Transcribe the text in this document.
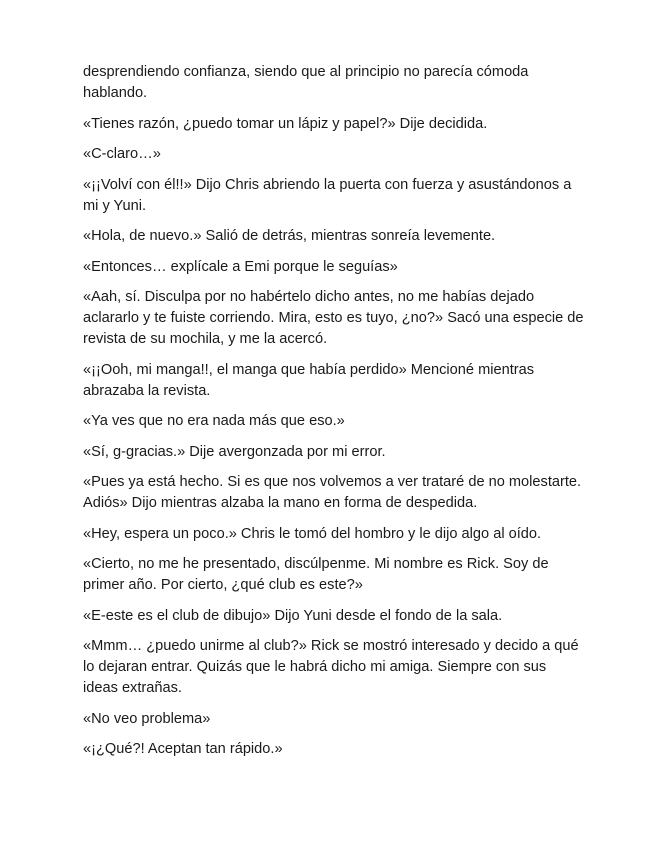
desprendiendo confianza, siendo que al principio no parecía cómoda hablando.

«Tienes razón, ¿puedo tomar un lápiz y papel?» Dije decidida.

«C-claro…»

«¡¡Volví con él!!» Dijo Chris abriendo la puerta con fuerza y asustándonos a mi y Yuni.

«Hola, de nuevo.» Salió de detrás, mientras sonreía levemente.

«Entonces… explícale a Emi porque le seguías»

«Aah, sí. Disculpa por no habértelo dicho antes, no me habías dejado aclararlo y te fuiste corriendo. Mira, esto es tuyo, ¿no?» Sacó una especie de revista de su mochila, y me la acercó.

«¡¡Ooh, mi manga!!, el manga que había perdido» Mencioné mientras abrazaba la revista.

«Ya ves que no era nada más que eso.»

«Sí, g-gracias.» Dije avergonzada por mi error.

«Pues ya está hecho. Si es que nos volvemos a ver trataré de no molestarte. Adiós» Dijo mientras alzaba la mano en forma de despedida.

«Hey, espera un poco.» Chris le tomó del hombro y le dijo algo al oído.

«Cierto, no me he presentado, discúlpenme. Mi nombre es Rick. Soy de primer año. Por cierto, ¿qué club es este?»

«E-este es el club de dibujo» Dijo Yuni desde el fondo de la sala.

«Mmm… ¿puedo unirme al club?» Rick se mostró interesado y decido a qué lo dejaran entrar. Quizás que le habrá dicho mi amiga. Siempre con sus ideas extrañas.

«No veo problema»

«¡¿Qué?! Aceptan tan rápido.»
